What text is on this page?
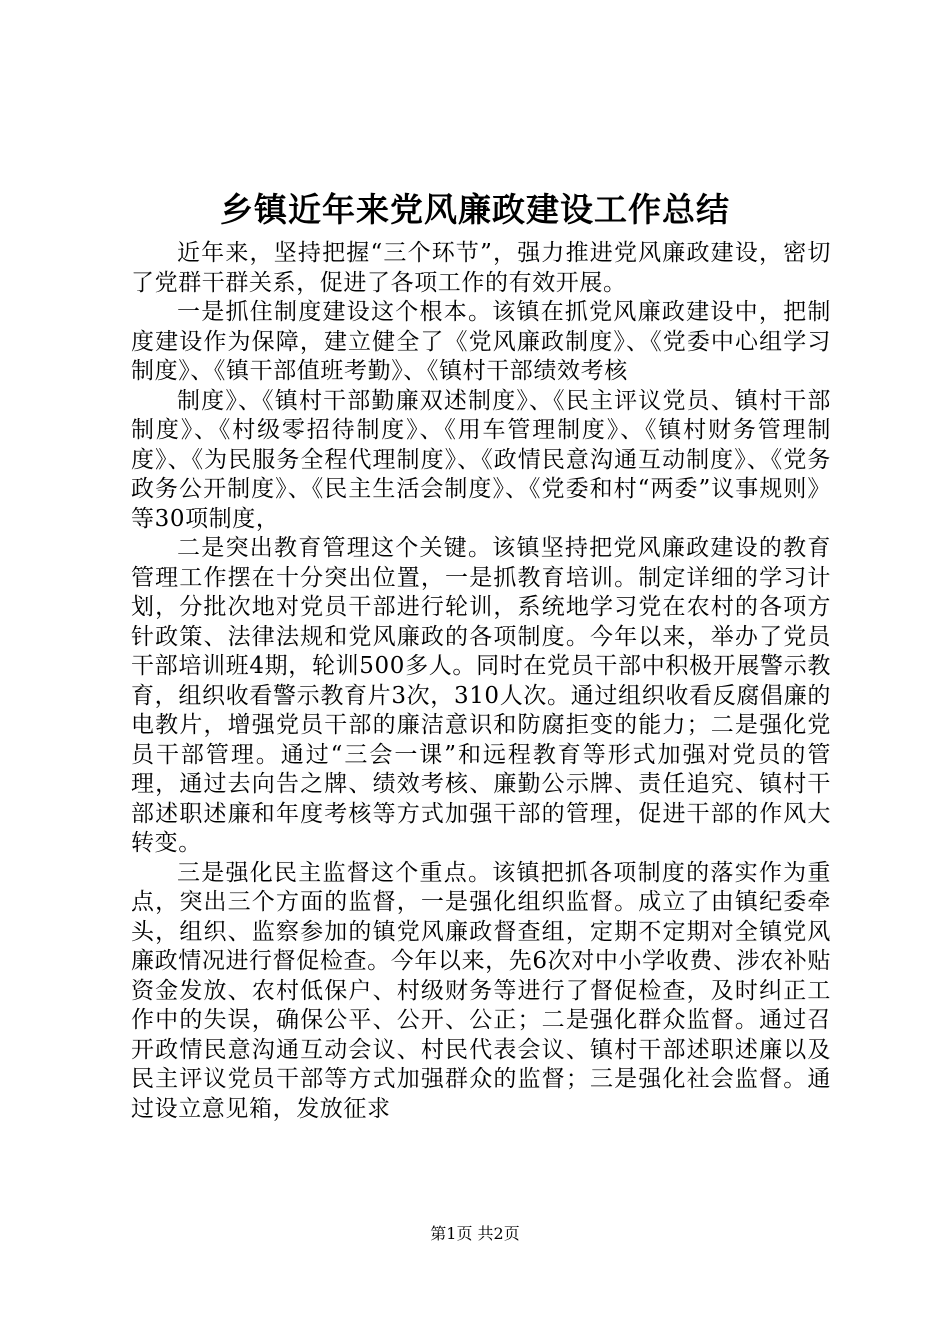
乡镇近年来党风廉政建设工作总结

近年来，坚持把握“三个环节”，强力推进党风廉政建设，密切了党群干群关系，促进了各项工作的有效开展。

一是抓住制度建设这个根本。该镇在抓党风廉政建设中，把制度建设作为保障，建立健全了《党风廉政制度》、《党委中心组学习制度》、《镇干部值班考勤》、《镇村干部绩效考核

制度》、《镇村干部勤廉双述制度》、《民主评议党员、镇村干部制度》、《村级零招待制度》、《用车管理制度》、《镇村财务管理制度》、《为民服务全程代理制度》、《政情民意沟通互动制度》、《党务政务公开制度》、《民主生活会制度》、《党委和村“两委”议事规则》等30项制度，

二是突出教育管理这个关键。该镇坚持把党风廉政建设的教育管理工作摆在十分突出位置，一是抓教育培训。制定详细的学习计划，分批次地对党员干部进行轮训，系统地学习党在农村的各项方针政策、法律法规和党风廉政的各项制度。今年以来，举办了党员干部培训班4期，轮训500多人。同时在党员干部中积极开展警示教育，组织收看警示教育片3次，310人次。通过组织收看反腐倡廉的电教片，增强党员干部的廉洁意识和防腐拒变的能力；二是强化党员干部管理。通过“三会一课”和远程教育等形式加强对党员的管理，通过去向告之牌、绩效考核、廉勤公示牌、责任追究、镇村干部述职述廉和年度考核等方式加强干部的管理，促进干部的作风大转变。

三是强化民主监督这个重点。该镇把抓各项制度的落实作为重点，突出三个方面的监督，一是强化组织监督。成立了由镇纪委牵头，组织、监察参加的镇党风廉政督查组，定期不定期对全镇党风廉政情况进行督促检查。今年以来，先6次对中小学收费、涉农补贴资金发放、农村低保户、村级财务等进行了督促检查，及时纠正工作中的失误，确保公平、公开、公正；二是强化群众监督。通过召开政情民意沟通互动会议、村民代表会议、镇村干部述职述廉以及民主评议党员干部等方式加强群众的监督；三是强化社会监督。通过设立意见箱，发放征求

第1页 共2页
